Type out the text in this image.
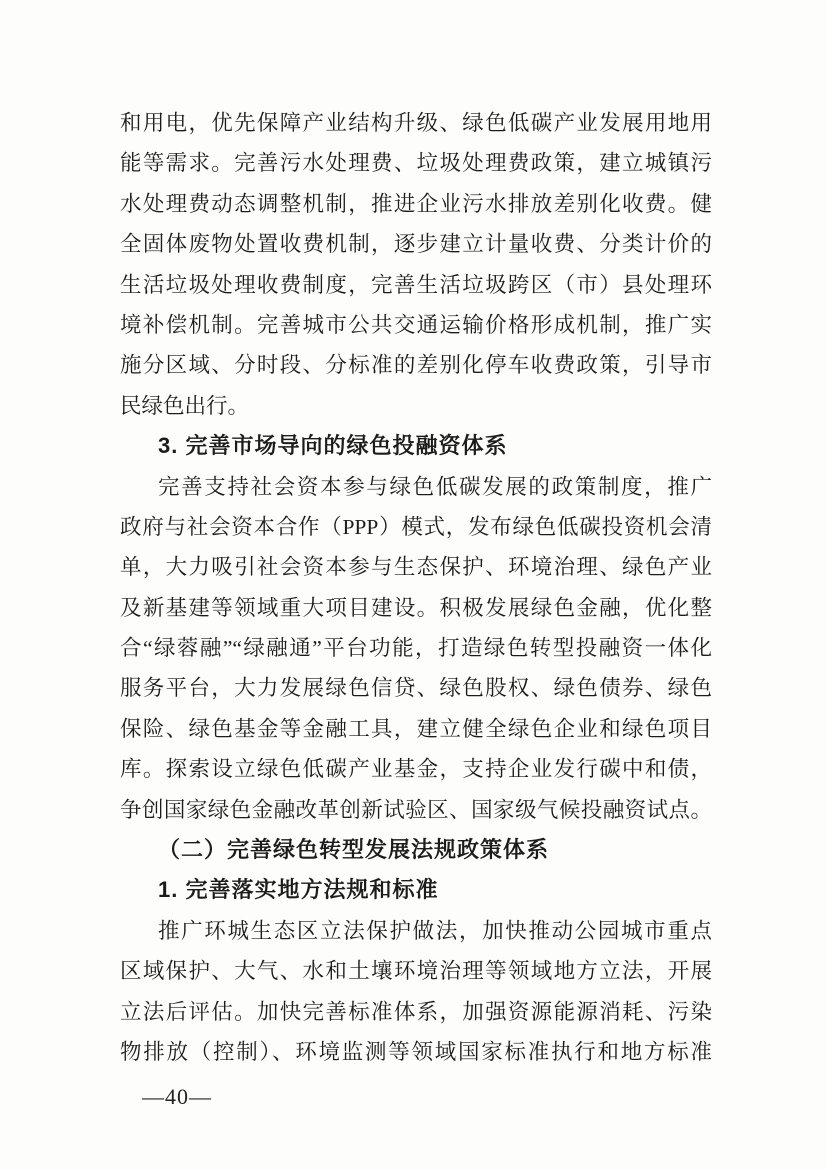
和用电，优先保障产业结构升级、绿色低碳产业发展用地用
能等需求。完善污水处理费、垃圾处理费政策，建立城镇污
水处理费动态调整机制，推进企业污水排放差别化收费。健
全固体废物处置收费机制，逐步建立计量收费、分类计价的
生活垃圾处理收费制度，完善生活垃圾跨区（市）县处理环
境补偿机制。完善城市公共交通运输价格形成机制，推广实
施分区域、分时段、分标准的差别化停车收费政策，引导市
民绿色出行。
3. 完善市场导向的绿色投融资体系
完善支持社会资本参与绿色低碳发展的政策制度，推广
政府与社会资本合作（PPP）模式，发布绿色低碳投资机会清
单，大力吸引社会资本参与生态保护、环境治理、绿色产业
及新基建等领域重大项目建设。积极发展绿色金融，优化整
合“绿蓉融”“绿融通”平台功能，打造绿色转型投融资一体化
服务平台，大力发展绿色信贷、绿色股权、绿色债券、绿色
保险、绿色基金等金融工具，建立健全绿色企业和绿色项目
库。探索设立绿色低碳产业基金，支持企业发行碳中和债，
争创国家绿色金融改革创新试验区、国家级气候投融资试点。
（二）完善绿色转型发展法规政策体系
1. 完善落实地方法规和标准
推广环城生态区立法保护做法，加快推动公园城市重点
区域保护、大气、水和土壤环境治理等领域地方立法，开展
立法后评估。加快完善标准体系，加强资源能源消耗、污染
物排放（控制）、环境监测等领域国家标准执行和地方标准
—40—
